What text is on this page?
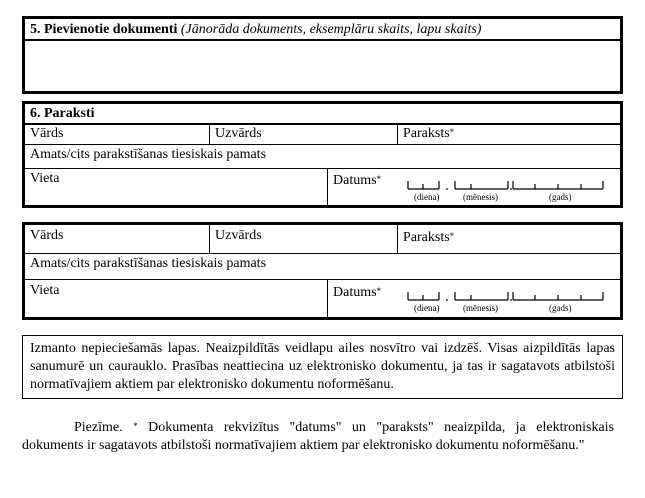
5. Pievienotie dokumenti (Jānorāda dokuments, eksemplāru skaits, lapu skaits)
6. Paraksti
Vārds	Uzvārds	Paraksts*
Amats/cits parakstīšanas tiesiskais pamats
Vieta	Datums*
(diena)	(mēnesis)	(gads)
Vārds	Uzvārds	Paraksts*
Amats/cits parakstīšanas tiesiskais pamats
Vieta	Datums*
(diena)	(mēnesis)	(gads)
Izmanto nepieciešamās lapas. Neaizpildītās veidlapu ailes nosvītro vai izdzēš. Visas aizpildītās lapas sanumurē un caurauklo. Prasības neattiecina uz elektronisko dokumentu, ja tas ir sagatavots atbilstoši normatīvajiem aktiem par elektronisko dokumentu noformēšanu.
Piezīme. * Dokumenta rekvizītus "datums" un "paraksts" neaizpilda, ja elektroniskais dokuments ir sagatavots atbilstoši normatīvajiem aktiem par elektronisko dokumentu noformēšanu."
